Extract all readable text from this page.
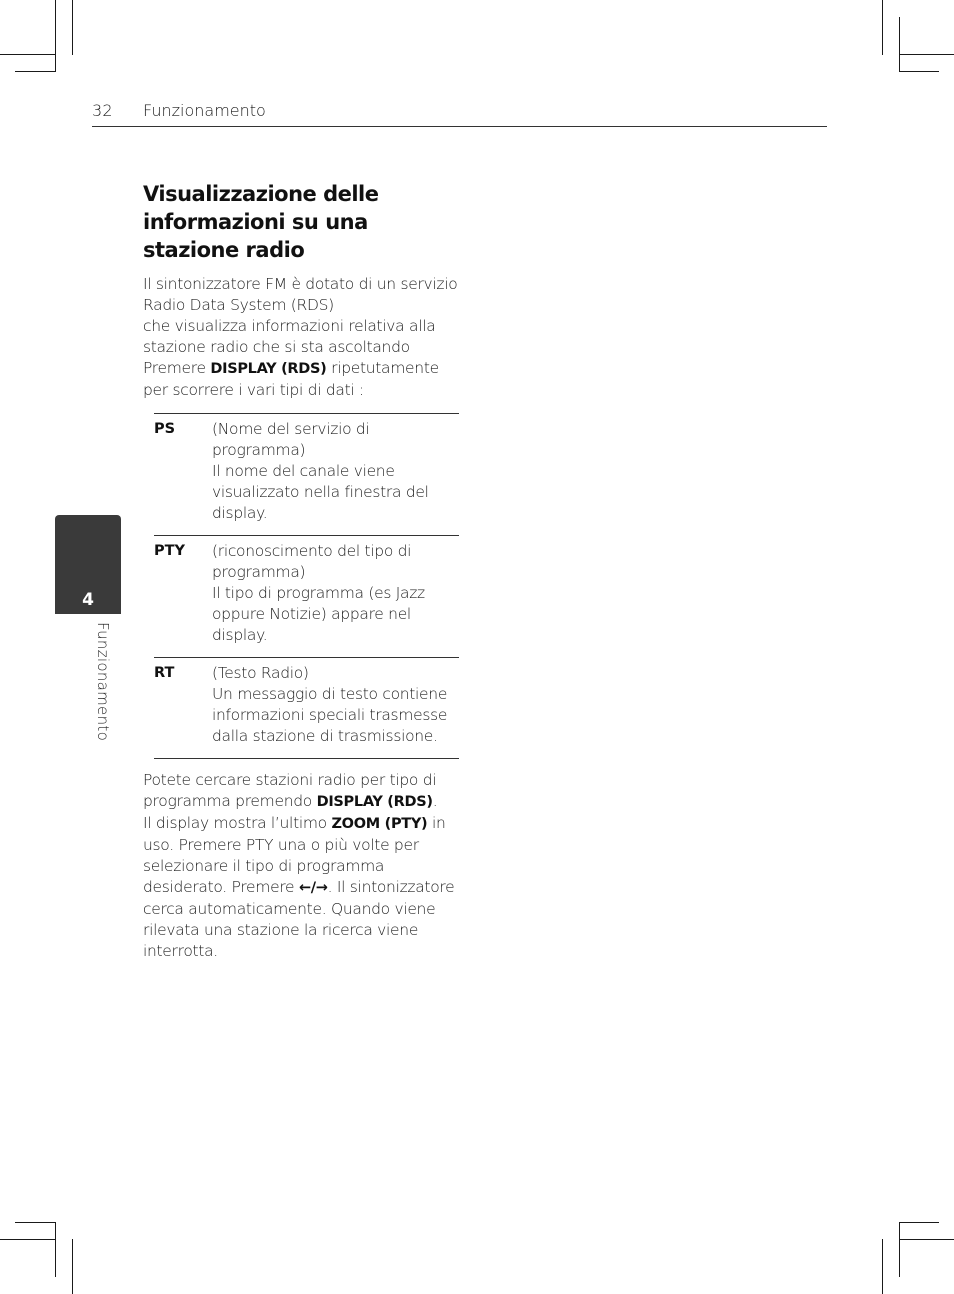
32 Funzionamento
4
Funzionamento
Visualizzazione delle informazioni su una stazione radio
Il sintonizzatore FM è dotato di un servizio Radio Data System (RDS)
che visualizza informazioni relativa alla stazione radio che si sta ascoltando
Premere DISPLAY (RDS) ripetutamente per scorrere i vari tipi di dati :
PS	(Nome del servizio di programma)
Il nome del canale viene visualizzato nella finestra del display.
PTY	(riconoscimento del tipo di programma)
Il tipo di programma (es Jazz oppure Notizie) appare nel display.
RT	(Testo Radio)
Un messaggio di testo contiene informazioni speciali trasmesse dalla stazione di trasmissione.
Potete cercare stazioni radio per tipo di programma premendo DISPLAY (RDS).
Il display mostra l’ultimo ZOOM (PTY) in uso. Premere PTY una o più volte per selezionare il tipo di programma desiderato. Premere ←/→. Il sintonizzatore cerca automaticamente. Quando viene rilevata una stazione la ricerca viene interrotta.
